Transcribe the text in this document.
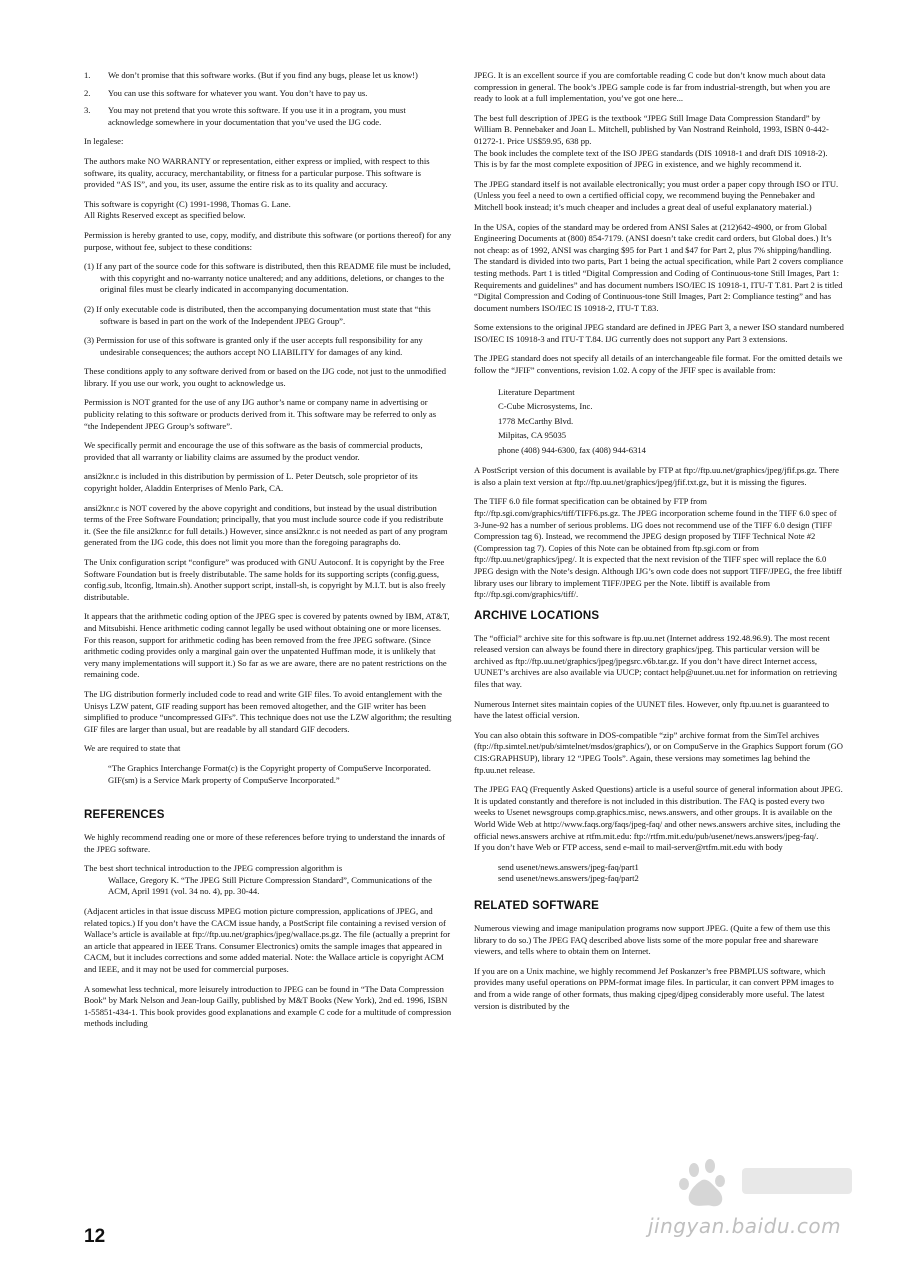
1. We don’t promise that this software works. (But if you find any bugs, please let us know!)
2. You can use this software for whatever you want. You don’t have to pay us.
3. You may not pretend that you wrote this software. If you use it in a program, you must acknowledge somewhere in your documentation that you’ve used the IJG code.

In legalese:

The authors make NO WARRANTY or representation, either express or implied, with respect to this software, its quality, accuracy, merchantability, or fitness for a particular purpose. This software is provided “AS IS”, and you, its user, assume the entire risk as to its quality and accuracy.

This software is copyright (C) 1991-1998, Thomas G. Lane.
All Rights Reserved except as specified below.

Permission is hereby granted to use, copy, modify, and distribute this software (or portions thereof) for any purpose, without fee, subject to these conditions:

(1) If any part of the source code for this software is distributed, then this README file must be included, with this copyright and no-warranty notice unaltered; and any additions, deletions, or changes to the original files must be clearly indicated in accompanying documentation.

(2) If only executable code is distributed, then the accompanying documentation must state that “this software is based in part on the work of the Independent JPEG Group”.

(3) Permission for use of this software is granted only if the user accepts full responsibility for any undesirable consequences; the authors accept NO LIABILITY for damages of any kind.

These conditions apply to any software derived from or based on the IJG code, not just to the unmodified library. If you use our work, you ought to acknowledge us.

Permission is NOT granted for the use of any IJG author’s name or company name in advertising or publicity relating to this software or products derived from it. This software may be referred to only as “the Independent JPEG Group’s software”.

We specifically permit and encourage the use of this software as the basis of commercial products, provided that all warranty or liability claims are assumed by the product vendor.

ansi2knr.c is included in this distribution by permission of L. Peter Deutsch, sole proprietor of its copyright holder, Aladdin Enterprises of Menlo Park, CA.

ansi2knr.c is NOT covered by the above copyright and conditions, but instead by the usual distribution terms of the Free Software Foundation; principally, that you must include source code if you redistribute it. (See the file ansi2knr.c for full details.) However, since ansi2knr.c is not needed as part of any program generated from the IJG code, this does not limit you more than the foregoing paragraphs do.

The Unix configuration script “configure” was produced with GNU Autoconf. It is copyright by the Free Software Foundation but is freely distributable. The same holds for its supporting scripts (config.guess, config.sub, ltconfig, ltmain.sh). Another support script, install-sh, is copyright by M.I.T. but is also freely distributable.

It appears that the arithmetic coding option of the JPEG spec is covered by patents owned by IBM, AT&T, and Mitsubishi. Hence arithmetic coding cannot legally be used without obtaining one or more licenses. For this reason, support for arithmetic coding has been removed from the free JPEG software. (Since arithmetic coding provides only a marginal gain over the unpatented Huffman mode, it is unlikely that very many implementations will support it.) So far as we are aware, there are no patent restrictions on the remaining code.

The IJG distribution formerly included code to read and write GIF files. To avoid entanglement with the Unisys LZW patent, GIF reading support has been removed altogether, and the GIF writer has been simplified to produce “uncompressed GIFs”. This technique does not use the LZW algorithm; the resulting GIF files are larger than usual, but are readable by all standard GIF decoders.

We are required to state that

“The Graphics Interchange Format(c) is the Copyright property of CompuServe Incorporated. GIF(sm) is a Service Mark property of CompuServe Incorporated.”

REFERENCES

We highly recommend reading one or more of these references before trying to understand the innards of the JPEG software.

The best short technical introduction to the JPEG compression algorithm is

Wallace, Gregory K. “The JPEG Still Picture Compression Standard”, Communications of the ACM, April 1991 (vol. 34 no. 4), pp. 30-44.

(Adjacent articles in that issue discuss MPEG motion picture compression, applications of JPEG, and related topics.) If you don’t have the CACM issue handy, a PostScript file containing a revised version of Wallace’s article is available at ftp://ftp.uu.net/graphics/jpeg/wallace.ps.gz. The file (actually a preprint for an article that appeared in IEEE Trans. Consumer Electronics) omits the sample images that appeared in CACM, but it includes corrections and some added material. Note: the Wallace article is copyright ACM and IEEE, and it may not be used for commercial purposes.

A somewhat less technical, more leisurely introduction to JPEG can be found in “The Data Compression Book” by Mark Nelson and Jean-loup Gailly, published by M&T Books (New York), 2nd ed. 1996, ISBN 1-55851-434-1. This book provides good explanations and example C code for a multitude of compression methods including

JPEG. It is an excellent source if you are comfortable reading C code but don’t know much about data compression in general. The book’s JPEG sample code is far from industrial-strength, but when you are ready to look at a full implementation, you’ve got one here...

The best full description of JPEG is the textbook “JPEG Still Image Data Compression Standard” by William B. Pennebaker and Joan L. Mitchell, published by Van Nostrand Reinhold, 1993, ISBN 0-442-01272-1. Price US$59.95, 638 pp.

The book includes the complete text of the ISO JPEG standards (DIS 10918-1 and draft DIS 10918-2). This is by far the most complete exposition of JPEG in existence, and we highly recommend it.

The JPEG standard itself is not available electronically; you must order a paper copy through ISO or ITU. (Unless you feel a need to own a certified official copy, we recommend buying the Pennebaker and Mitchell book instead; it’s much cheaper and includes a great deal of useful explanatory material.)

In the USA, copies of the standard may be ordered from ANSI Sales at (212)642-4900, or from Global Engineering Documents at (800) 854-7179. (ANSI doesn’t take credit card orders, but Global does.) It’s not cheap: as of 1992, ANSI was charging $95 for Part 1 and $47 for Part 2, plus 7% shipping/handling. The standard is divided into two parts, Part 1 being the actual specification, while Part 2 covers compliance testing methods. Part 1 is titled “Digital Compression and Coding of Continuous-tone Still Images, Part 1: Requirements and guidelines” and has document numbers ISO/IEC IS 10918-1, ITU-T T.81. Part 2 is titled “Digital Compression and Coding of Continuous-tone Still Images, Part 2: Compliance testing” and has document numbers ISO/IEC IS 10918-2, ITU-T T.83.

Some extensions to the original JPEG standard are defined in JPEG Part 3, a newer ISO standard numbered ISO/IEC IS 10918-3 and ITU-T T.84. IJG currently does not support any Part 3 extensions.

The JPEG standard does not specify all details of an interchangeable file format. For the omitted details we follow the “JFIF” conventions, revision 1.02. A copy of the JFIF spec is available from:

Literature Department
C-Cube Microsystems, Inc.
1778 McCarthy Blvd.
Milpitas, CA 95035
phone (408) 944-6300, fax (408) 944-6314

A PostScript version of this document is available by FTP at ftp://ftp.uu.net/graphics/jpeg/jfif.ps.gz. There is also a plain text version at ftp://ftp.uu.net/graphics/jpeg/jfif.txt.gz, but it is missing the figures.

The TIFF 6.0 file format specification can be obtained by FTP from ftp://ftp.sgi.com/graphics/tiff/TIFF6.ps.gz. The JPEG incorporation scheme found in the TIFF 6.0 spec of 3-June-92 has a number of serious problems. IJG does not recommend use of the TIFF 6.0 design (TIFF Compression tag 6). Instead, we recommend the JPEG design proposed by TIFF Technical Note #2 (Compression tag 7). Copies of this Note can be obtained from ftp.sgi.com or from ftp://ftp.uu.net/graphics/jpeg/. It is expected that the next revision of the TIFF spec will replace the 6.0 JPEG design with the Note’s design. Although IJG’s own code does not support TIFF/JPEG, the free libtiff library uses our library to implement TIFF/JPEG per the Note. libtiff is available from ftp://ftp.sgi.com/graphics/tiff/.

ARCHIVE LOCATIONS

The “official” archive site for this software is ftp.uu.net (Internet address 192.48.96.9). The most recent released version can always be found there in directory graphics/jpeg. This particular version will be archived as ftp://ftp.uu.net/graphics/jpeg/jpegsrc.v6b.tar.gz. If you don’t have direct Internet access, UUNET’s archives are also available via UUCP; contact help@uunet.uu.net for information on retrieving files that way.

Numerous Internet sites maintain copies of the UUNET files. However, only ftp.uu.net is guaranteed to have the latest official version.

You can also obtain this software in DOS-compatible “zip” archive format from the SimTel archives (ftp://ftp.simtel.net/pub/simtelnet/msdos/graphics/), or on CompuServe in the Graphics Support forum (GO CIS:GRAPHSUP), library 12 “JPEG Tools”. Again, these versions may sometimes lag behind the ftp.uu.net release.

The JPEG FAQ (Frequently Asked Questions) article is a useful source of general information about JPEG. It is updated constantly and therefore is not included in this distribution. The FAQ is posted every two weeks to Usenet newsgroups comp.graphics.misc, news.answers, and other groups. It is available on the World Wide Web at http://www.faqs.org/faqs/jpeg-faq/ and other news.answers archive sites, including the official news.answers archive at rtfm.mit.edu: ftp://rtfm.mit.edu/pub/usenet/news.answers/jpeg-faq/.

If you don’t have Web or FTP access, send e-mail to mail-server@rtfm.mit.edu with body

send usenet/news.answers/jpeg-faq/part1
send usenet/news.answers/jpeg-faq/part2

RELATED SOFTWARE

Numerous viewing and image manipulation programs now support JPEG. (Quite a few of them use this library to do so.) The JPEG FAQ described above lists some of the more popular free and shareware viewers, and tells where to obtain them on Internet.

If you are on a Unix machine, we highly recommend Jef Poskanzer’s free PBMPLUS software, which provides many useful operations on PPM-format image files. In particular, it can convert PPM images to and from a wide range of other formats, thus making cjpeg/djpeg considerably more useful. The latest version is distributed by the

12	jingyan.baidu.com
